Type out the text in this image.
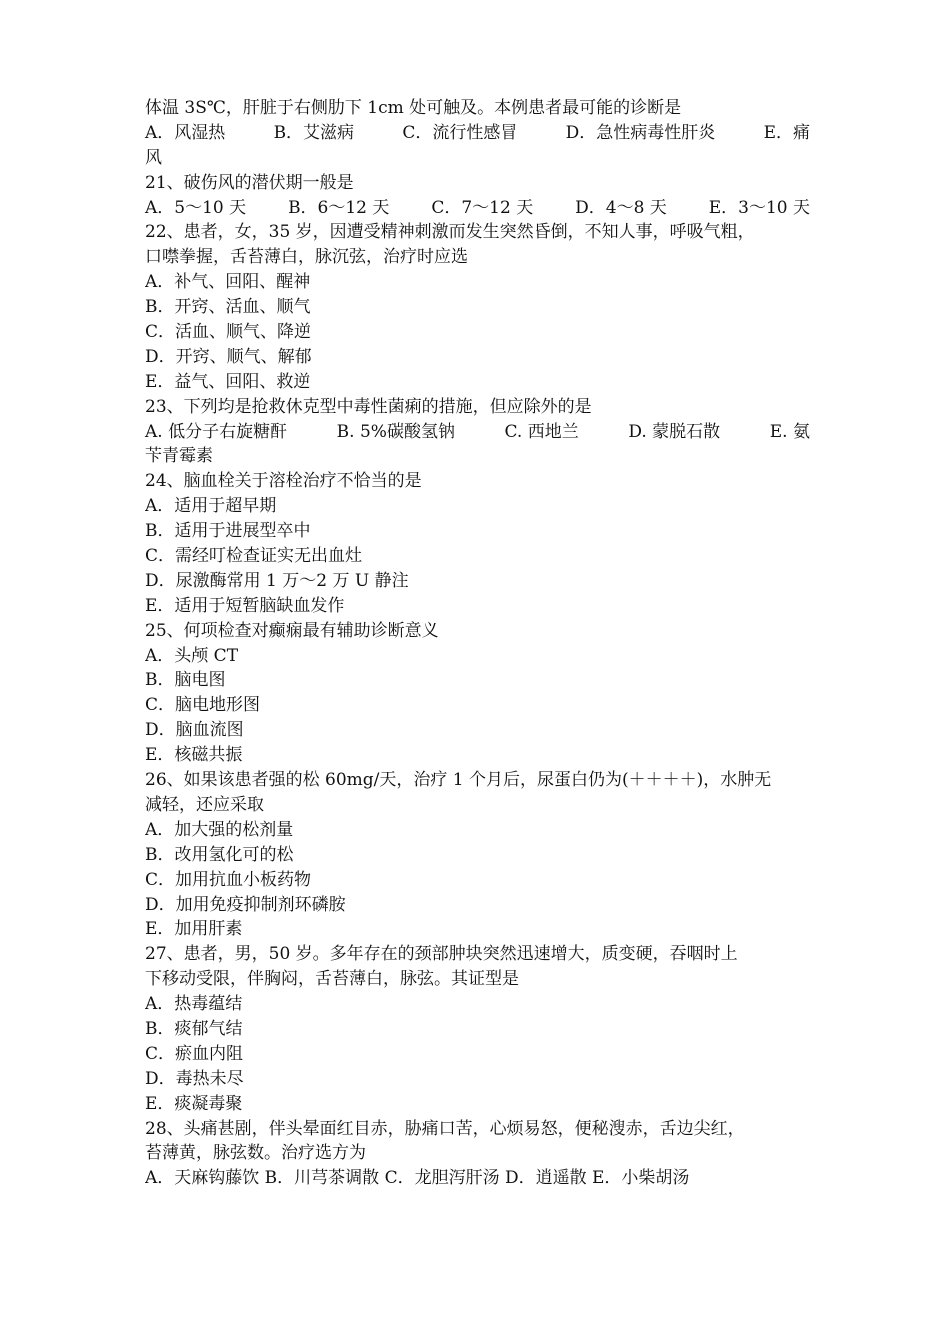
体温 3S℃，肝脏于右侧肋下 1cm 处可触及。本例患者最可能的诊断是
A．风湿热	B．艾滋病	C．流行性感冒	D．急性病毒性肝炎	E．痛
风
21、破伤风的潜伏期一般是
A．5～10 天 B．6～12 天 C．7～12 天 D．4～8 天 E．3～10 天
22、患者，女，35 岁，因遭受精神刺激而发生突然昏倒，不知人事，呼吸气粗，
口噤拳握，舌苔薄白，脉沉弦，治疗时应选
A．补气、回阳、醒神
B．开窍、活血、顺气
C．活血、顺气、降逆
D．开窍、顺气、解郁
E．益气、回阳、救逆
23、下列均是抢救休克型中毒性菌痢的措施，但应除外的是
A. 低分子右旋糖酐	B. 5%碳酸氢钠	C. 西地兰	D. 蒙脱石散	E. 氨
苄青霉素
24、脑血栓关于溶栓治疗不恰当的是
A．适用于超早期
B．适用于进展型卒中
C．需经叮检查证实无出血灶
D．尿激酶常用 1 万～2 万 U 静注
E．适用于短暂脑缺血发作
25、何项检查对癫痫最有辅助诊断意义
A．头颅 CT
B．脑电图
C．脑电地形图
D．脑血流图
E．核磁共振
26、如果该患者强的松 60mg/天，治疗 1 个月后，尿蛋白仍为(＋＋＋＋)，水肿无
减轻，还应采取
A．加大强的松剂量
B．改用氢化可的松
C．加用抗血小板药物
D．加用免疫抑制剂环磷胺
E．加用肝素
27、患者，男，50 岁。多年存在的颈部肿块突然迅速增大，质变硬，吞咽时上
下移动受限，伴胸闷，舌苔薄白，脉弦。其证型是
A．热毒蕴结
B．痰郁气结
C．瘀血内阻
D．毒热未尽
E．痰凝毒聚
28、头痛甚剧，伴头晕面红目赤，胁痛口苦，心烦易怒，便秘溲赤，舌边尖红，
苔薄黄，脉弦数。治疗选方为
A．天麻钩藤饮 B．川芎茶调散 C．龙胆泻肝汤 D．逍遥散 E．小柴胡汤
